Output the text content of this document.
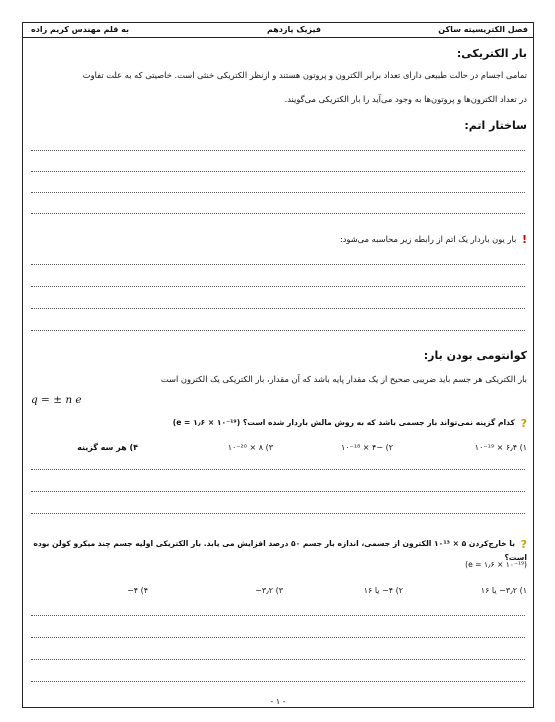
فصل الکتریسیته ساکن
فیزیک یازدهم
به قلم مهندس کریم زاده
بار الکتریکی:
تمامی اجسام در حالت طبیعی دارای تعداد برابر الکترون و پروتون هستند و ازنظر الکتریکی خنثی است. خاصیتی که به علت تفاوت
در تعداد الکترون‌ها و پروتون‌ها به وجود می‌آید را بار الکتریکی می‌گویند.
ساختار اتم:
! بار یون باردار یک اتم از رابطه زیر محاسبه می‌شود:
کوانتومی بودن بار:
بار الکتریکی هر جسم باید ضریبی صحیح از یک مقدار پایه باشد که آن مقدار، بار الکتریکی یک الکترون است
q = ± n e
? کدام گزینه نمی‌تواند بار جسمی باشد که به روش مالش باردار شده است؟ (e = ۱٫۶ × ۱۰⁻¹⁹)
۱) ۶٫۴ × ۱۰⁻¹⁹
۲) −۴ × ۱۰⁻¹⁸
۳) ۸ × ۱۰⁻²⁰
۴) هر سه گزینه
? با خارج‌کردن ۵ × ۱۰¹³ الکترون از جسمی، اندازه بار جسم ۵۰ درصد افزایش می یابد. بار الکتریکی اولیه جسم چند میکرو کولن بوده است؟
(e = ۱٫۶ × ۱۰⁻¹⁹)
۱) ۳٫۲− یا ۱۶
۲) ۴− یا ۱۶
۳) ۳٫۲−
۴) ۴−
- ۱ -
